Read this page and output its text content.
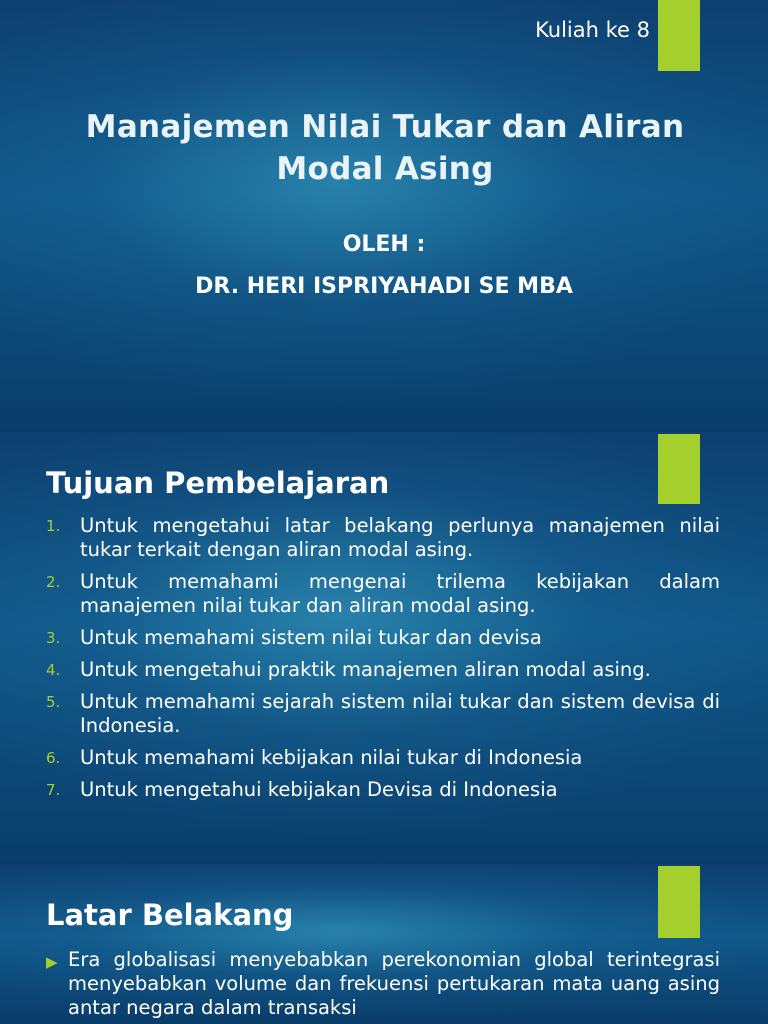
Kuliah ke 8
Manajemen Nilai Tukar dan Aliran
Modal Asing
OLEH :
DR. HERI ISPRIYAHADI SE MBA
Tujuan Pembelajaran
1.	Untuk mengetahui latar belakang perlunya manajemen nilai tukar terkait dengan aliran modal asing.
2.	Untuk memahami mengenai trilema kebijakan dalam manajemen nilai tukar dan aliran modal asing.
3.	Untuk memahami sistem nilai tukar dan devisa
4.	Untuk mengetahui praktik manajemen aliran modal asing.
5.	Untuk memahami sejarah sistem nilai tukar dan sistem devisa di Indonesia.
6.	Untuk memahami kebijakan nilai tukar di Indonesia
7.	Untuk mengetahui kebijakan Devisa di Indonesia
Latar Belakang
▶ Era globalisasi menyebabkan perekonomian global terintegrasi menyebabkan volume dan frekuensi pertukaran mata uang asing antar negara dalam transaksi
